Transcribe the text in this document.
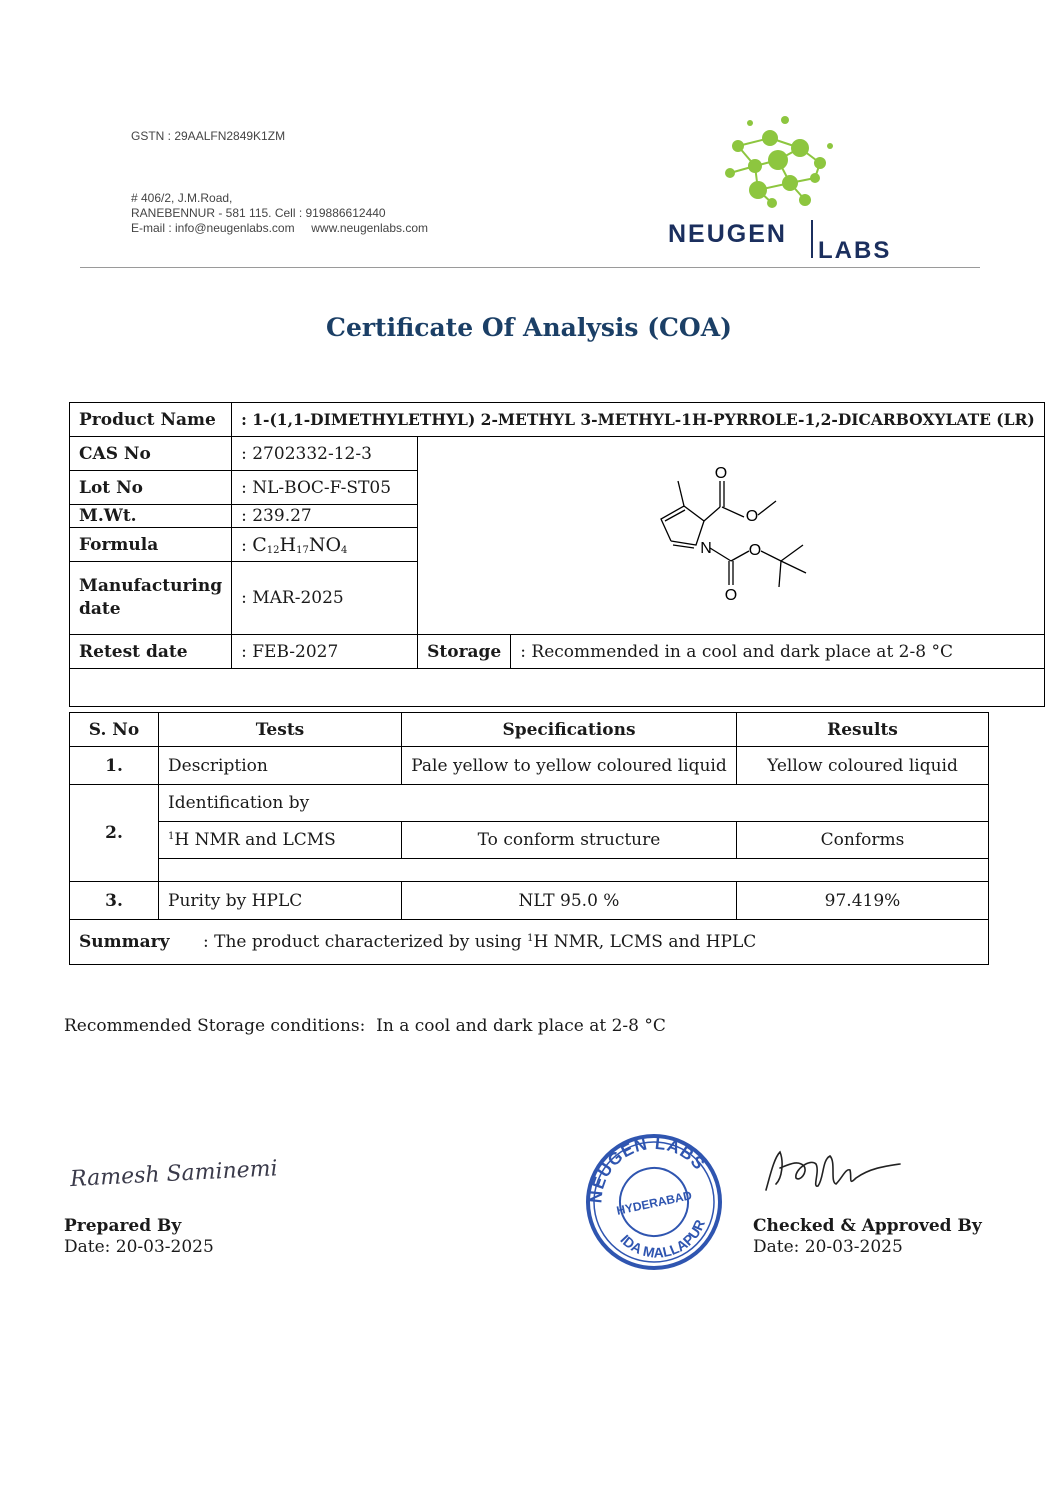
GSTN : 29AALFN2849K1ZM
# 406/2, J.M.Road,
RANEBENNUR - 581 115. Cell : 919886612440
E-mail : info@neugenlabs.com     www.neugenlabs.com	NEUGEN
LABS
Certificate Of Analysis (COA)
Product Name	: 1-(1,1-DIMETHYLETHYL) 2-METHYL 3-METHYL-1H-PYRROLE-1,2-DICARBOXYLATE (LR)		
CAS No	: 2702332-12-3	O
O
N O
O	

Lot No	: NL-BOC-F-ST05		
M.Wt.	: 239.27		
Formula	: $C_{12}H_{17}NO_4$

Manufacturing
date	: MAR-2025		
Retest date	: FEB-2027	Storage	: Recommended in a cool and dark place at 2-8 °C

S. No	Tests	Specifications	Results
1.	Description	Pale yellow to yellow coloured liquid	Yellow coloured liquid
2.	Identification by		
	$^1$H NMR and LCMS	To conform structure	Conforms

3.	Purity by HPLC	NLT 95.0 %	97.419%
Summary : The product characterized by using $^1$H NMR, LCMS and HPLC			
Recommended Storage conditions:  In a cool and dark place at 2-8 °C
Ramesh Saminemi
Prepared By
Date: 20-03-2025
NEUGEN LABS
IDA MALLAPUR
HYDERABAD
Checked & Approved By
Date: 20-03-2025
